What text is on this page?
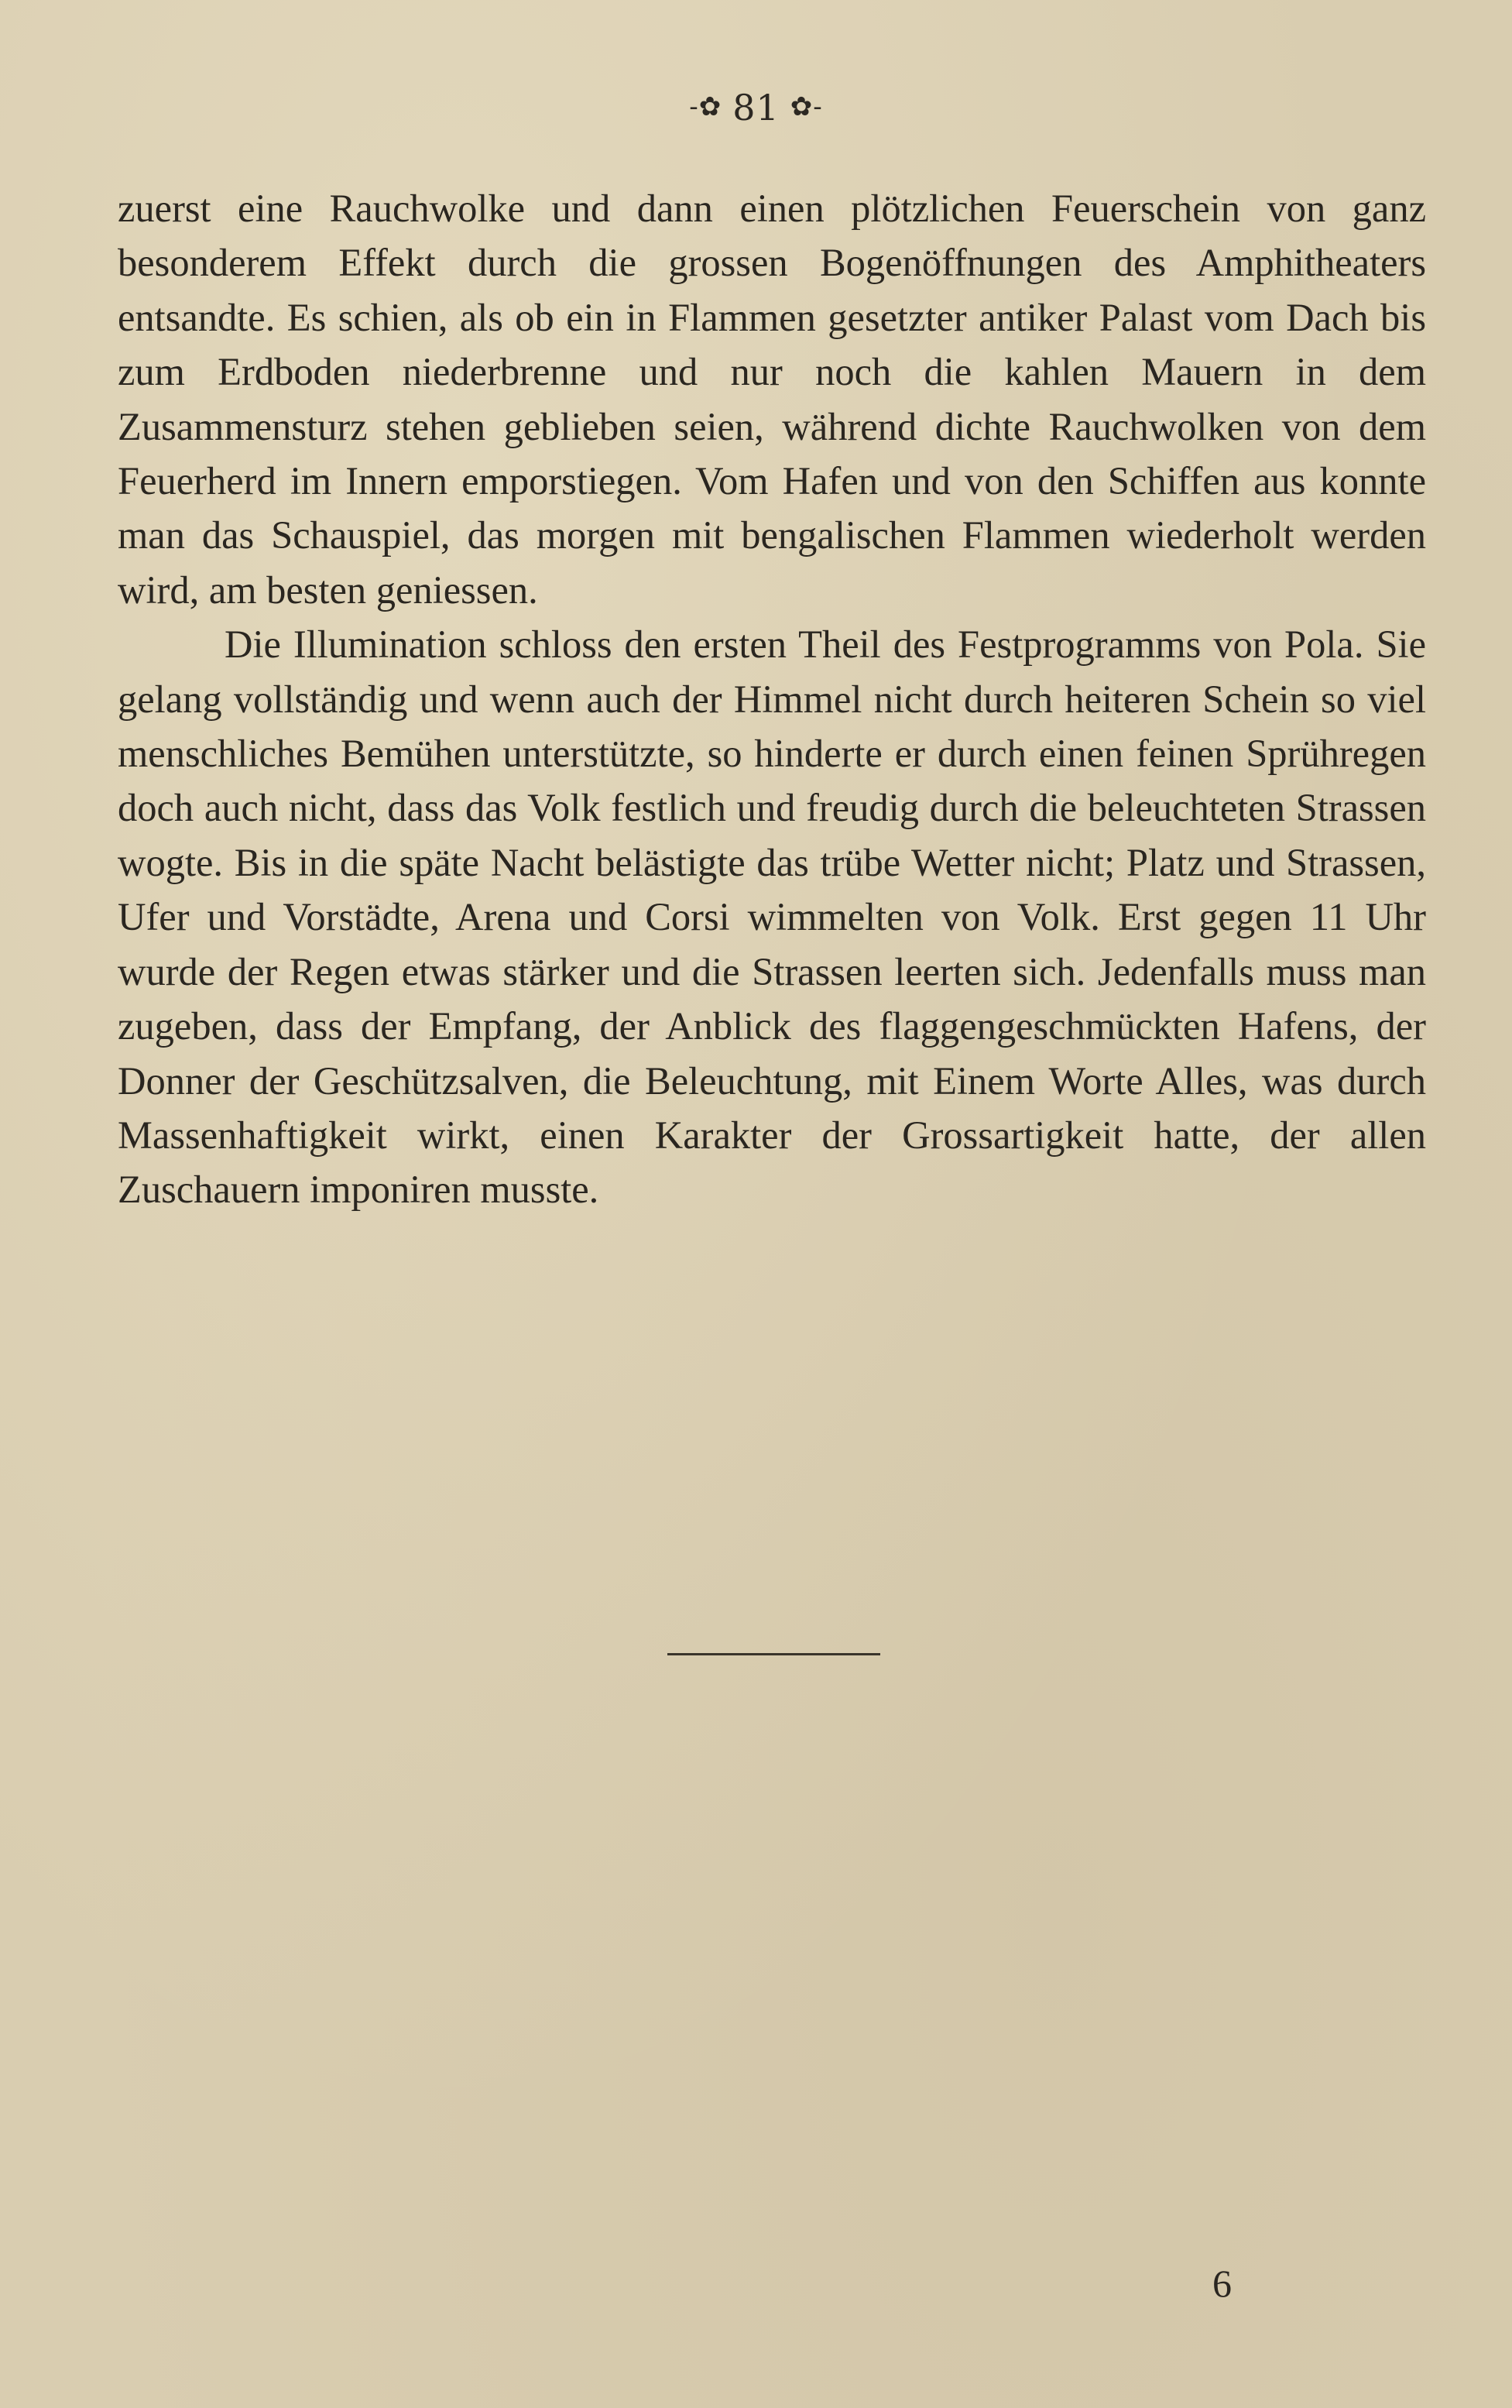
-✿ 81 ✿-

zuerst eine Rauchwolke und dann einen plötzlichen Feuerschein von ganz besonderem Effekt durch die grossen Bogenöffnungen des Amphitheaters entsandte. Es schien, als ob ein in Flammen gesetzter antiker Palast vom Dach bis zum Erdboden niederbrenne und nur noch die kahlen Mauern in dem Zusammensturz stehen geblieben seien, während dichte Rauchwolken von dem Feuerherd im Innern emporstiegen. Vom Hafen und von den Schiffen aus konnte man das Schauspiel, das morgen mit bengalischen Flammen wiederholt werden wird, am besten geniessen.

Die Illumination schloss den ersten Theil des Festprogramms von Pola. Sie gelang vollständig und wenn auch der Himmel nicht durch heiteren Schein so viel menschliches Bemühen unterstützte, so hinderte er durch einen feinen Sprühregen doch auch nicht, dass das Volk festlich und freudig durch die beleuchteten Strassen wogte. Bis in die späte Nacht belästigte das trübe Wetter nicht; Platz und Strassen, Ufer und Vorstädte, Arena und Corsi wimmelten von Volk. Erst gegen 11 Uhr wurde der Regen etwas stärker und die Strassen leerten sich. Jedenfalls muss man zugeben, dass der Empfang, der Anblick des flaggengeschmückten Hafens, der Donner der Geschützsalven, die Beleuchtung, mit Einem Worte Alles, was durch Massenhaftigkeit wirkt, einen Karakter der Grossartigkeit hatte, der allen Zuschauern imponiren musste.

6
